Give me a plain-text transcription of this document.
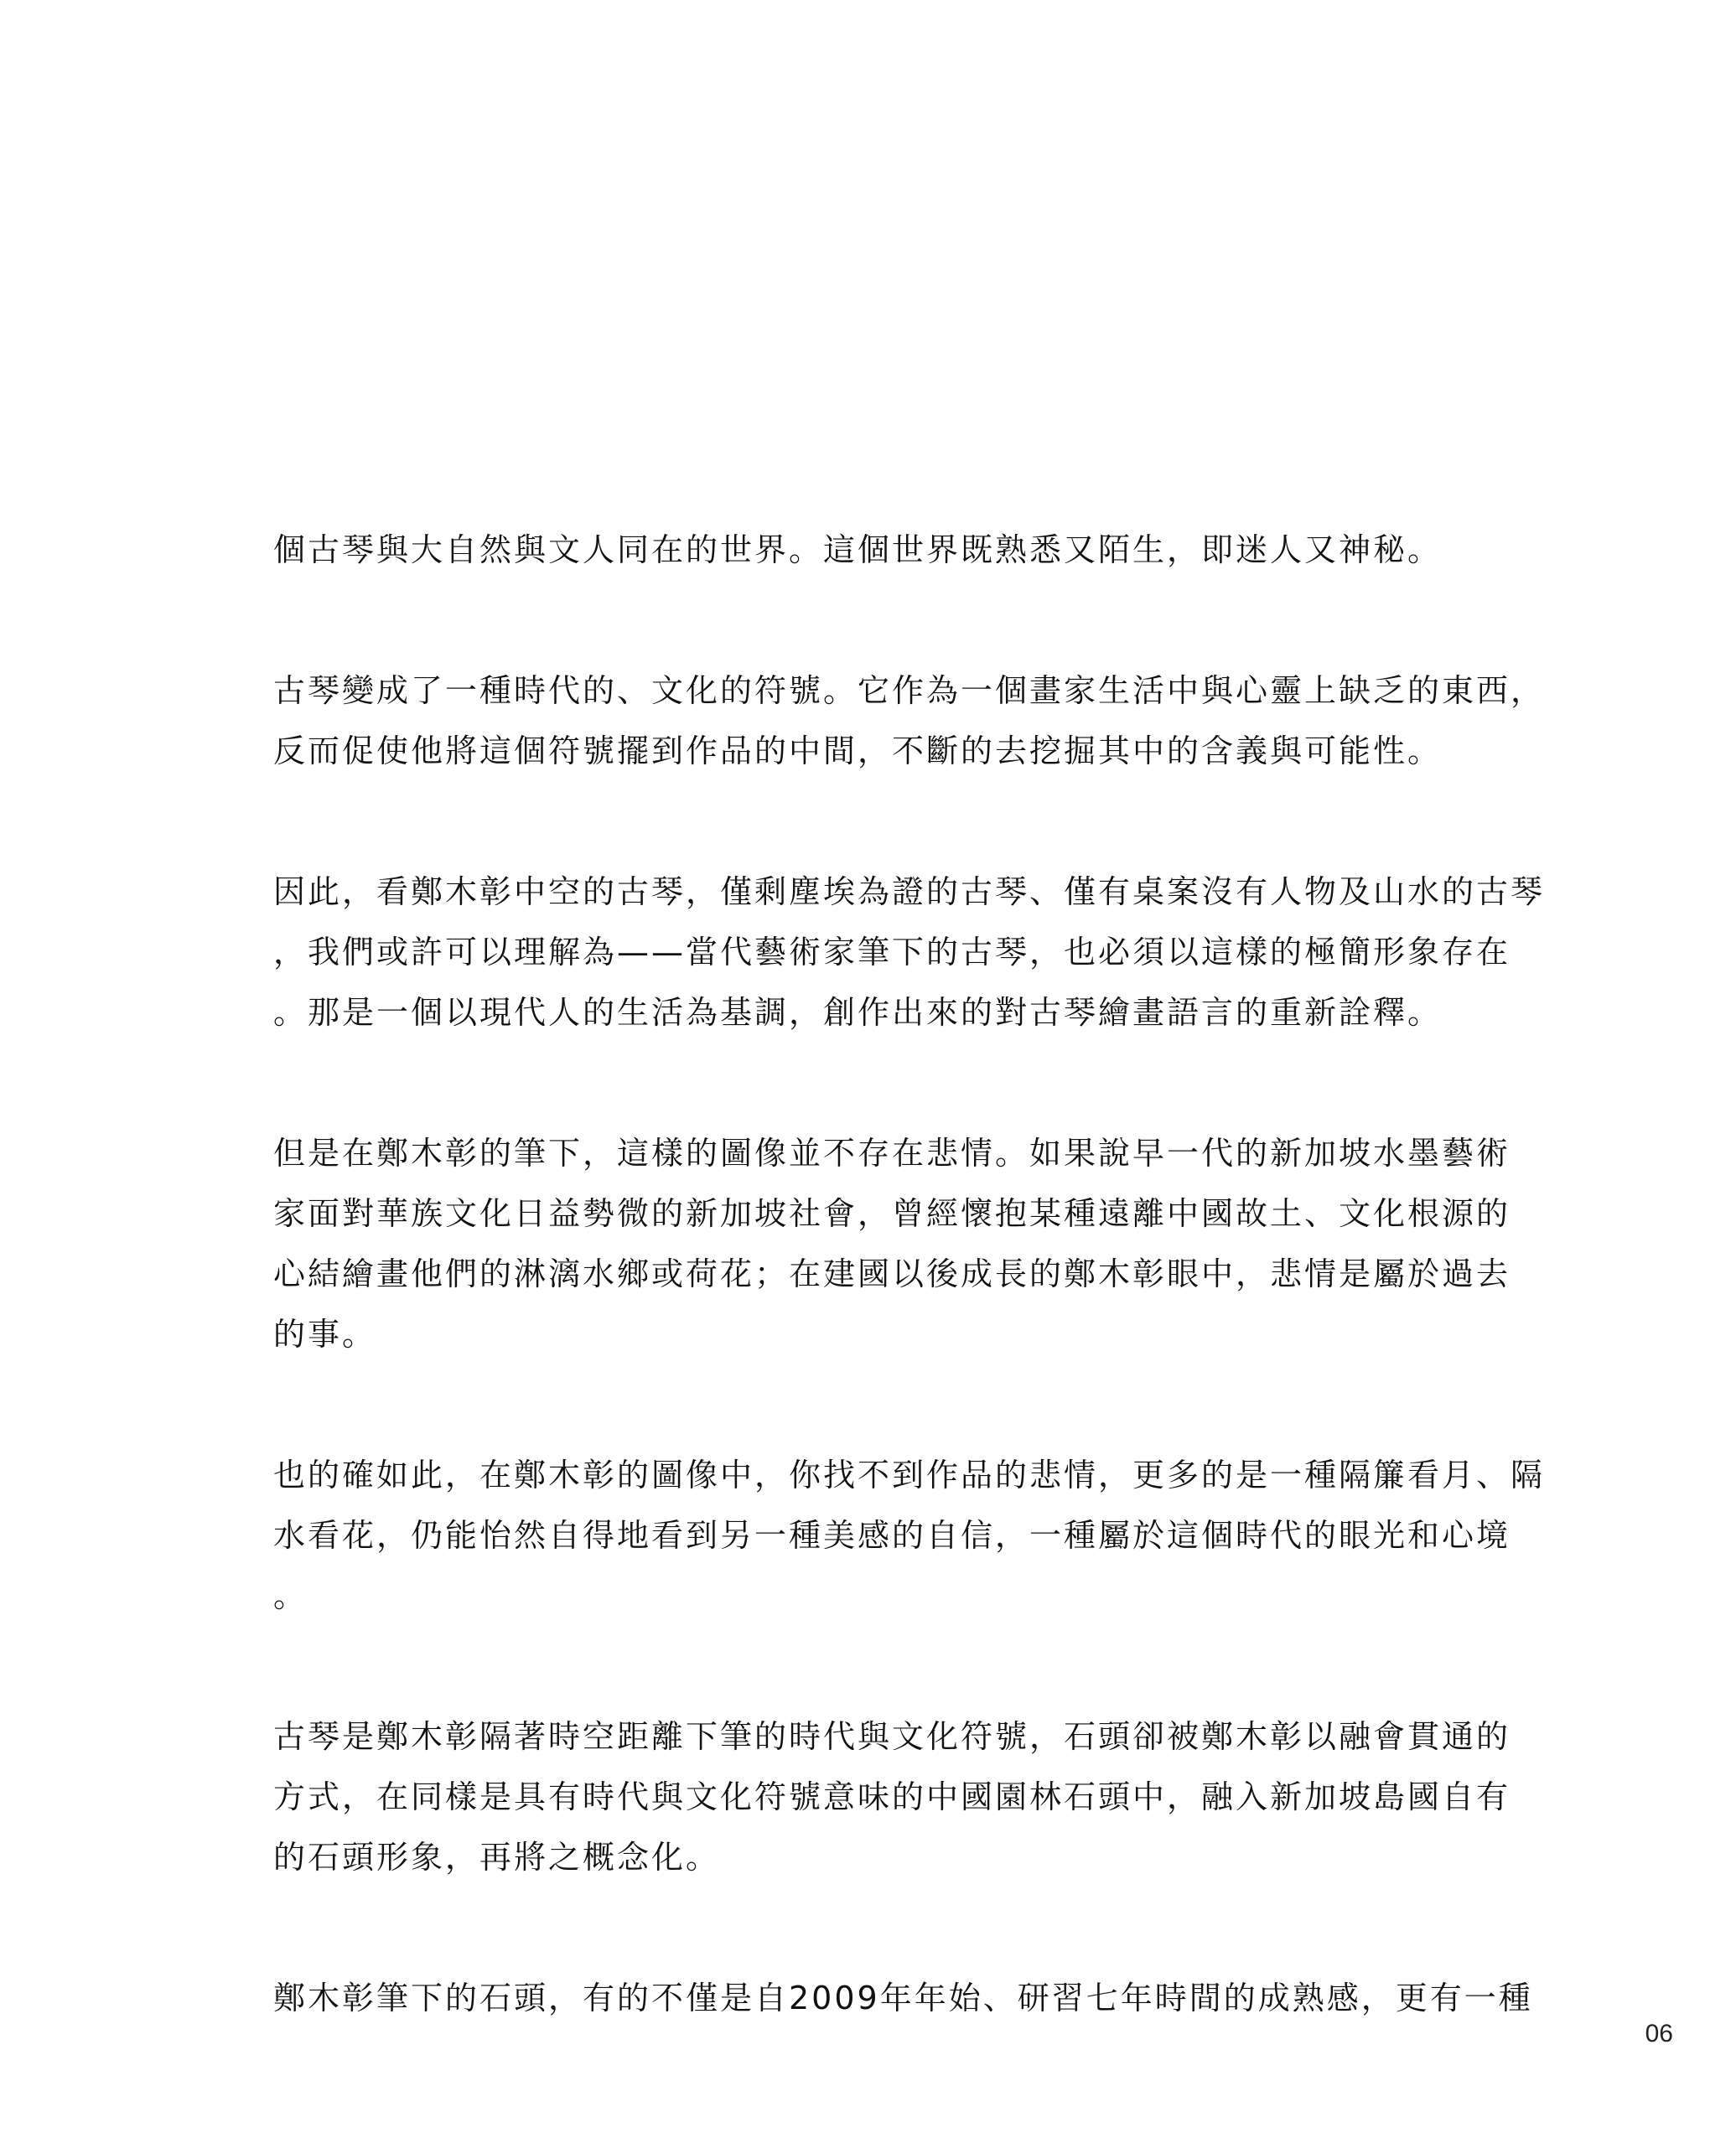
個古琴與大自然與文人同在的世界。這個世界既熟悉又陌生，即迷人又神秘。
古琴變成了一種時代的、文化的符號。它作為一個畫家生活中與心靈上缺乏的東西，
反而促使他將這個符號擺到作品的中間，不斷的去挖掘其中的含義與可能性。
因此，看鄭木彰中空的古琴，僅剩塵埃為證的古琴、僅有桌案沒有人物及山水的古琴
，我們或許可以理解為——當代藝術家筆下的古琴，也必須以這樣的極簡形象存在
。那是一個以現代人的生活為基調，創作出來的對古琴繪畫語言的重新詮釋。
但是在鄭木彰的筆下，這樣的圖像並不存在悲情。如果說早一代的新加坡水墨藝術
家面對華族文化日益勢微的新加坡社會，曾經懷抱某種遠離中國故土、文化根源的
心結繪畫他們的淋漓水鄉或荷花；在建國以後成長的鄭木彰眼中，悲情是屬於過去
的事。
也的確如此，在鄭木彰的圖像中，你找不到作品的悲情，更多的是一種隔簾看月、隔
水看花，仍能怡然自得地看到另一種美感的自信，一種屬於這個時代的眼光和心境
。
古琴是鄭木彰隔著時空距離下筆的時代與文化符號，石頭卻被鄭木彰以融會貫通的
方式，在同樣是具有時代與文化符號意味的中國園林石頭中，融入新加坡島國自有
的石頭形象，再將之概念化。
鄭木彰筆下的石頭，有的不僅是自2009年年始、研習七年時間的成熟感，更有一種
06
